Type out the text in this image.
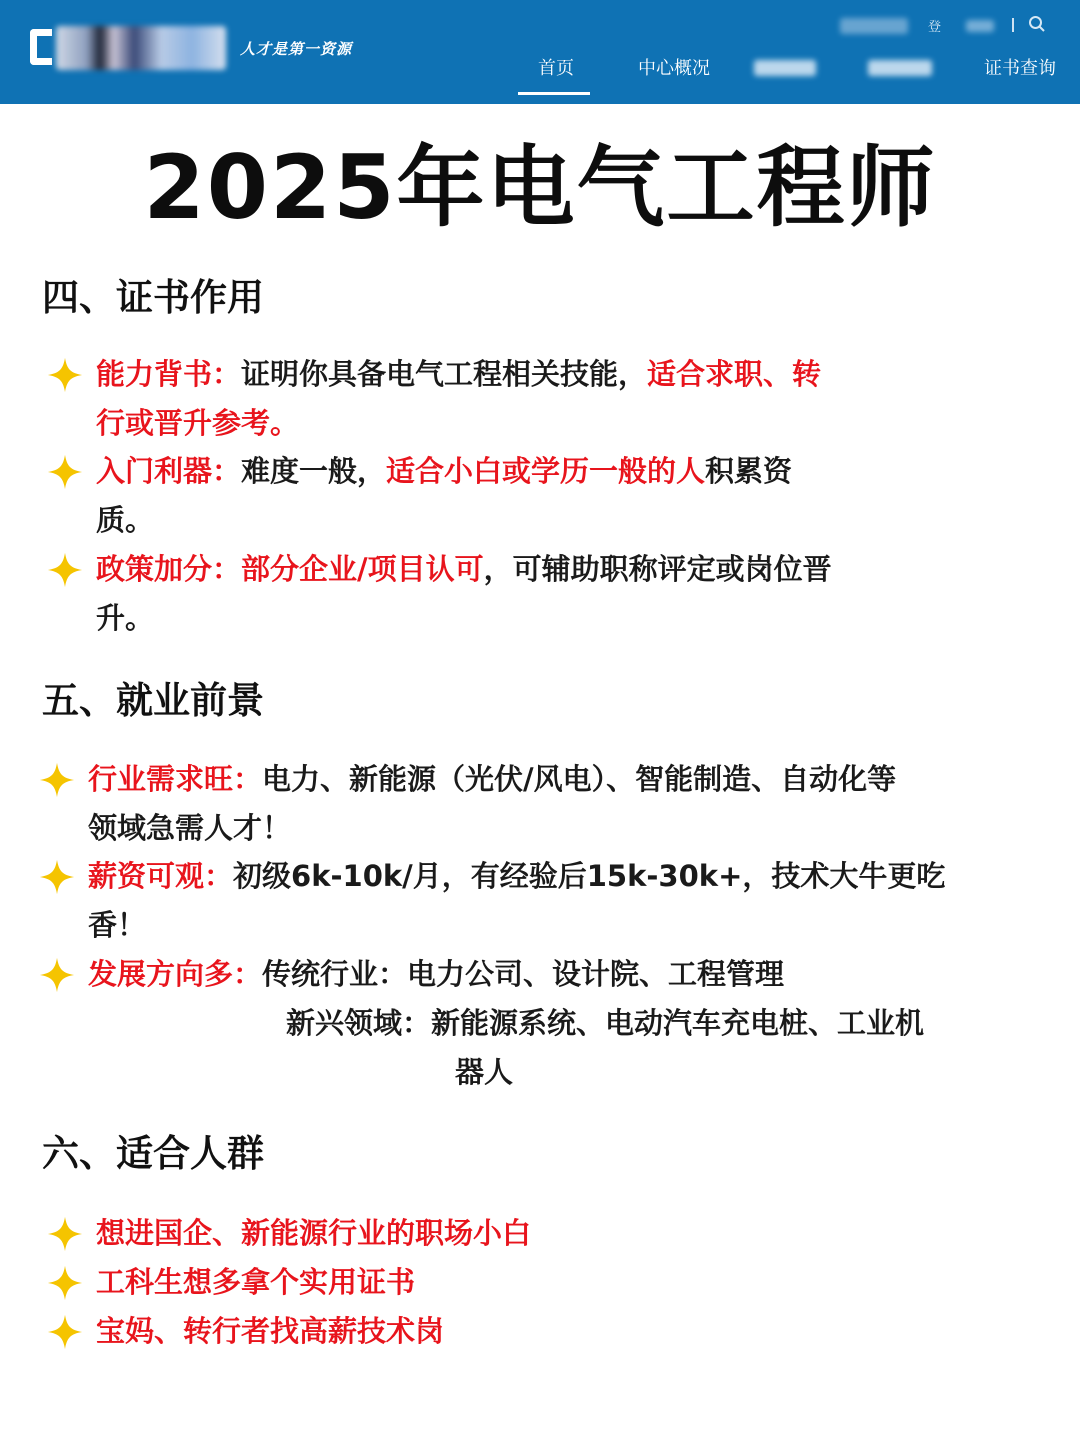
人才是第一资源
登
首页	中心概况	证书查询
2025年电气工程师
四、证书作用
能力背书：证明你具备电气工程相关技能，适合求职、转
行或晋升参考。
入门利器：难度一般，适合小白或学历一般的人积累资
质。
政策加分：部分企业/项目认可，可辅助职称评定或岗位晋
升。
五、就业前景
行业需求旺：电力、新能源（光伏/风电）、智能制造、自动化等
领域急需人才！
薪资可观：初级6k-10k/月，有经验后15k-30k+，技术大牛更吃
香！
发展方向多：传统行业：电力公司、设计院、工程管理
新兴领域：新能源系统、电动汽车充电桩、工业机
器人
六、适合人群
想进国企、新能源行业的职场小白
工科生想多拿个实用证书
宝妈、转行者找高薪技术岗
